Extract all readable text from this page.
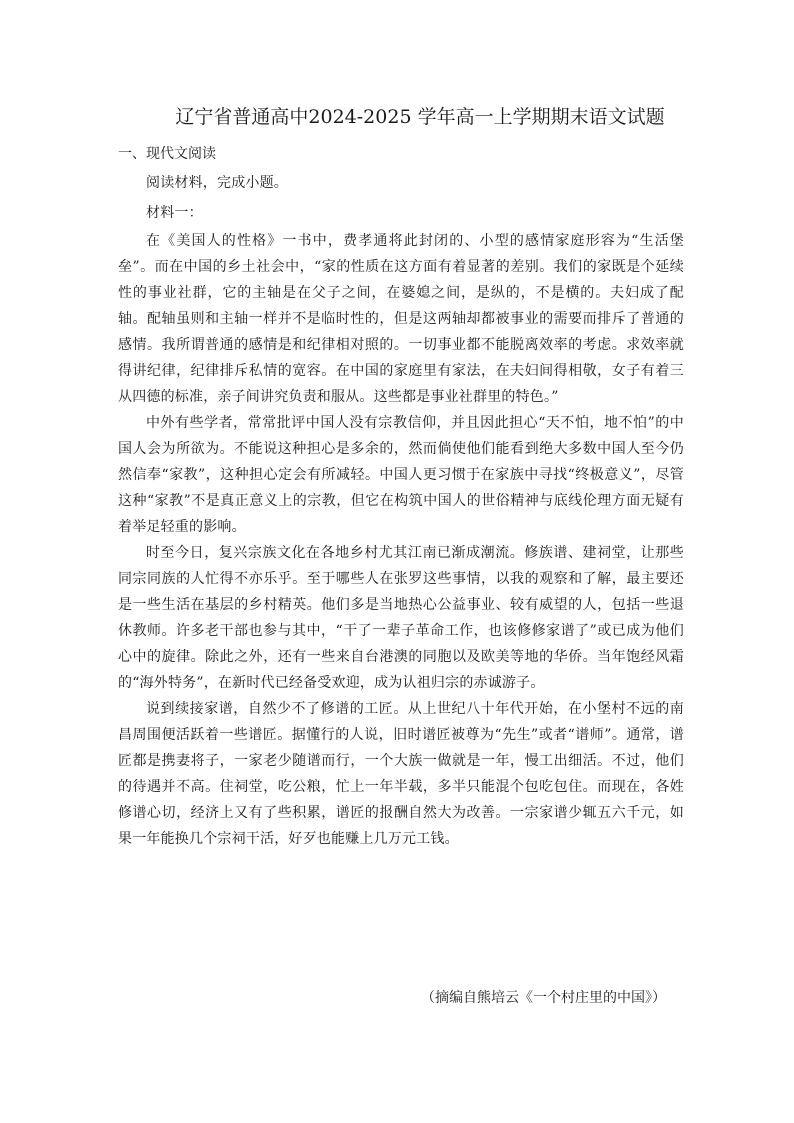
辽宁省普通高中2024-2025 学年高一上学期期末语文试题

一、现代文阅读

阅读材料，完成小题。

材料一：

在《美国人的性格》一书中，费孝通将此封闭的、小型的感情家庭形容为“生活堡垒”。而在中国的乡土社会中，“家的性质在这方面有着显著的差别。我们的家既是个延续性的事业社群，它的主轴是在父子之间，在婆媳之间，是纵的，不是横的。夫妇成了配轴。配轴虽则和主轴一样并不是临时性的，但是这两轴却都被事业的需要而排斥了普通的感情。我所谓普通的感情是和纪律相对照的。一切事业都不能脱离效率的考虑。求效率就得讲纪律，纪律排斥私情的宽容。在中国的家庭里有家法，在夫妇间得相敬，女子有着三从四德的标准，亲子间讲究负责和服从。这些都是事业社群里的特色。”

中外有些学者，常常批评中国人没有宗教信仰，并且因此担心“天不怕，地不怕”的中国人会为所欲为。不能说这种担心是多余的，然而倘使他们能看到绝大多数中国人至今仍然信奉“家教”，这种担心定会有所减轻。中国人更习惯于在家族中寻找“终极意义”，尽管这种“家教”不是真正意义上的宗教，但它在构筑中国人的世俗精神与底线伦理方面无疑有着举足轻重的影响。

时至今日，复兴宗族文化在各地乡村尤其江南已渐成潮流。修族谱、建祠堂，让那些同宗同族的人忙得不亦乐乎。至于哪些人在张罗这些事情，以我的观察和了解，最主要还是一些生活在基层的乡村精英。他们多是当地热心公益事业、较有威望的人，包括一些退休教师。许多老干部也参与其中，“干了一辈子革命工作，也该修修家谱了”或已成为他们心中的旋律。除此之外，还有一些来自台港澳的同胞以及欧美等地的华侨。当年饱经风霜的“海外特务”，在新时代已经备受欢迎，成为认祖归宗的赤诚游子。

说到续接家谱，自然少不了修谱的工匠。从上世纪八十年代开始，在小堡村不远的南昌周围便活跃着一些谱匠。据懂行的人说，旧时谱匠被尊为“先生”或者“谱师”。通常，谱匠都是携妻将子，一家老少随谱而行，一个大族一做就是一年，慢工出细活。不过，他们的待遇并不高。住祠堂，吃公粮，忙上一年半载，多半只能混个包吃包住。而现在，各姓修谱心切，经济上又有了些积累，谱匠的报酬自然大为改善。一宗家谱少辄五六千元，如果一年能换几个宗祠干活，好歹也能赚上几万元工钱。

（摘编自熊培云《一个村庄里的中国》）
